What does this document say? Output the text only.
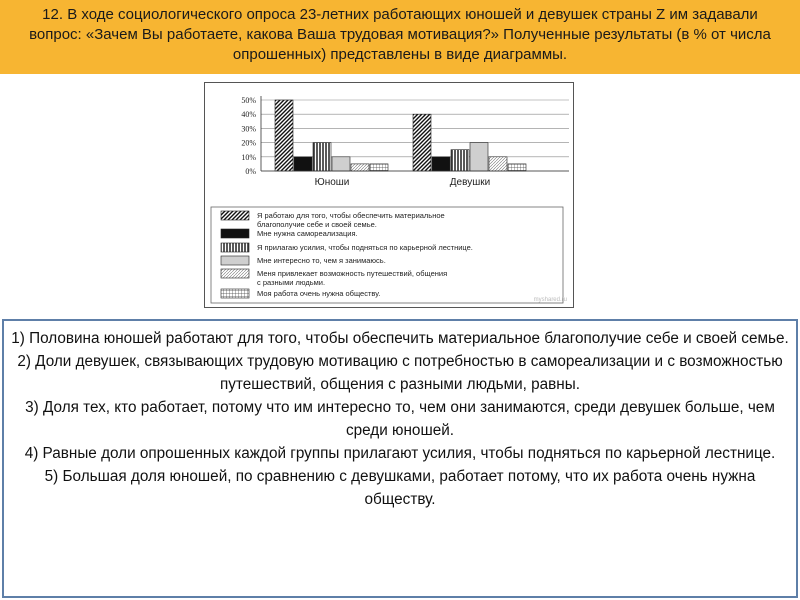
12. В ходе социологического опроса 23-летних работающих юношей и девушек страны Z им задавали вопрос: «Зачем Вы работаете, какова Ваша трудовая мотивация?» Полученные результаты (в % от числа опрошенных) представлены в виде диаграммы.
0%
10%
20%
30%
40%
50%
Юноши	Девушки
Я работаю для того, чтобы обеспечить материальное
благополучие себе и своей семье.
Мне нужна самореализация.
Я прилагаю усилия, чтобы подняться по карьерной лестнице.
Мне интересно то, чем я занимаюсь.
Меня привлекает возможность путешествий, общения
с разными людьми.
Моя работа очень нужна обществу.
myshared.ru
1) Половина юношей работают для того, чтобы обеспечить материальное благополучие себе и своей семье.
2) Доли девушек, связывающих трудовую мотивацию с потребностью в самореализации и с возможностью путешествий, общения с разными людьми, равны.
3) Доля тех, кто работает, потому что им интересно то, чем они занимаются, среди девушек больше, чем среди юношей.
4) Равные доли опрошенных каждой группы прилагают усилия, чтобы подняться по карьерной лестнице.
5) Большая доля юношей, по сравнению с девушками, работает потому, что их работа очень нужна обществу.
